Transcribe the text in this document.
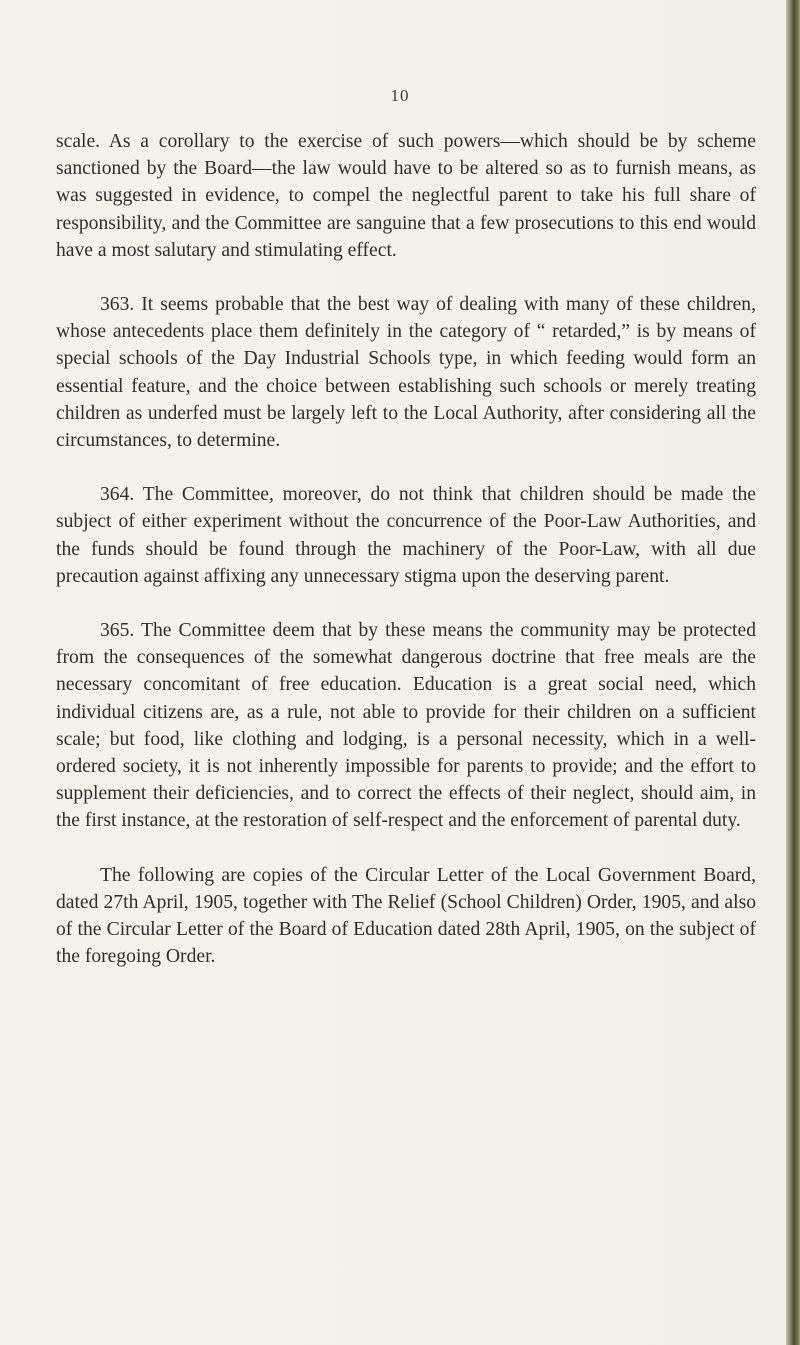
10

scale. As a corollary to the exercise of such powers—which should be by scheme sanctioned by the Board—the law would have to be altered so as to furnish means, as was suggested in evidence, to compel the neglectful parent to take his full share of responsibility, and the Committee are sanguine that a few prosecutions to this end would have a most salutary and stimulating effect.

363. It seems probable that the best way of dealing with many of these children, whose antecedents place them definitely in the category of “ retarded,” is by means of special schools of the Day Industrial Schools type, in which feeding would form an essential feature, and the choice between establishing such schools or merely treating children as underfed must be largely left to the Local Authority, after considering all the circumstances, to determine.

364. The Committee, moreover, do not think that children should be made the subject of either experiment without the concurrence of the Poor-Law Authorities, and the funds should be found through the machinery of the Poor-Law, with all due precaution against affixing any unnecessary stigma upon the deserving parent.

365. The Committee deem that by these means the community may be protected from the consequences of the somewhat dangerous doctrine that free meals are the necessary concomitant of free education. Education is a great social need, which individual citizens are, as a rule, not able to provide for their children on a sufficient scale; but food, like clothing and lodging, is a personal necessity, which in a well-ordered society, it is not inherently impossible for parents to provide; and the effort to supplement their deficiencies, and to correct the effects of their neglect, should aim, in the first instance, at the restoration of self-respect and the enforcement of parental duty.

The following are copies of the Circular Letter of the Local Government Board, dated 27th April, 1905, together with The Relief (School Children) Order, 1905, and also of the Circular Letter of the Board of Education dated 28th April, 1905, on the subject of the foregoing Order.
